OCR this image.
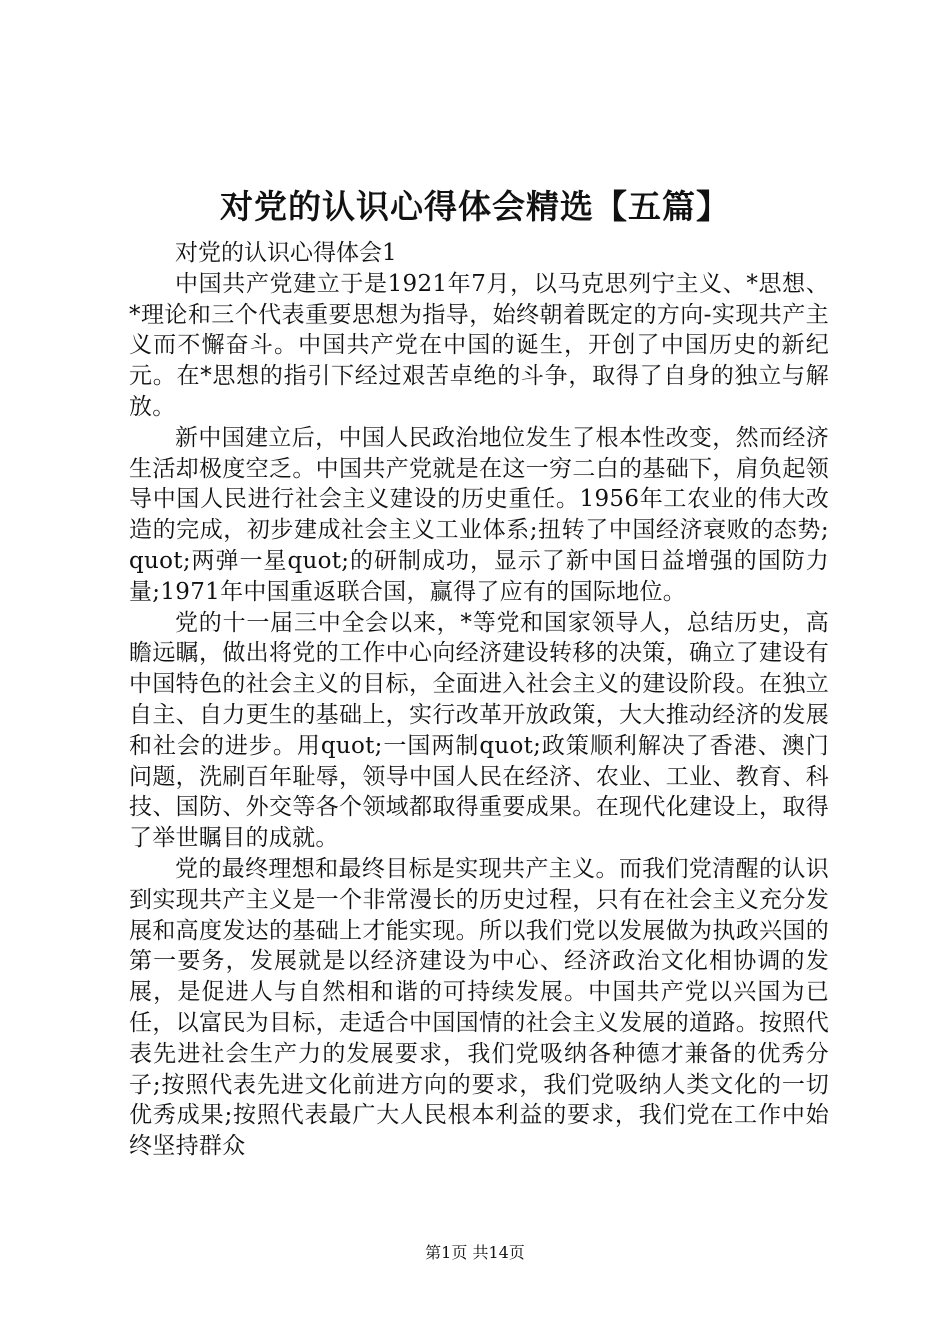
对党的认识心得体会精选【五篇】

对党的认识心得体会1

中国共产党建立于是1921年7月，以马克思列宁主义、*思想、*理论和三个代表重要思想为指导，始终朝着既定的方向-实现共产主义而不懈奋斗。中国共产党在中国的诞生，开创了中国历史的新纪元。在*思想的指引下经过艰苦卓绝的斗争，取得了自身的独立与解放。

新中国建立后，中国人民政治地位发生了根本性改变，然而经济生活却极度空乏。中国共产党就是在这一穷二白的基础下，肩负起领导中国人民进行社会主义建设的历史重任。1956年工农业的伟大改造的完成，初步建成社会主义工业体系;扭转了中国经济衰败的态势;quot;两弹一星quot;的研制成功，显示了新中国日益增强的国防力量;1971年中国重返联合国，赢得了应有的国际地位。

党的十一届三中全会以来，*等党和国家领导人，总结历史，高瞻远瞩，做出将党的工作中心向经济建设转移的决策，确立了建设有中国特色的社会主义的目标，全面进入社会主义的建设阶段。在独立自主、自力更生的基础上，实行改革开放政策，大大推动经济的发展和社会的进步。用quot;一国两制quot;政策顺利解决了香港、澳门问题，洗刷百年耻辱，领导中国人民在经济、农业、工业、教育、科技、国防、外交等各个领域都取得重要成果。在现代化建设上，取得了举世瞩目的成就。

党的最终理想和最终目标是实现共产主义。而我们党清醒的认识到实现共产主义是一个非常漫长的历史过程，只有在社会主义充分发展和高度发达的基础上才能实现。所以我们党以发展做为执政兴国的第一要务，发展就是以经济建设为中心、经济政治文化相协调的发展，是促进人与自然相和谐的可持续发展。中国共产党以兴国为已任，以富民为目标，走适合中国国情的社会主义发展的道路。按照代表先进社会生产力的发展要求，我们党吸纳各种德才兼备的优秀分子;按照代表先进文化前进方向的要求，我们党吸纳人类文化的一切优秀成果;按照代表最广大人民根本利益的要求，我们党在工作中始终坚持群众

第1页 共14页
